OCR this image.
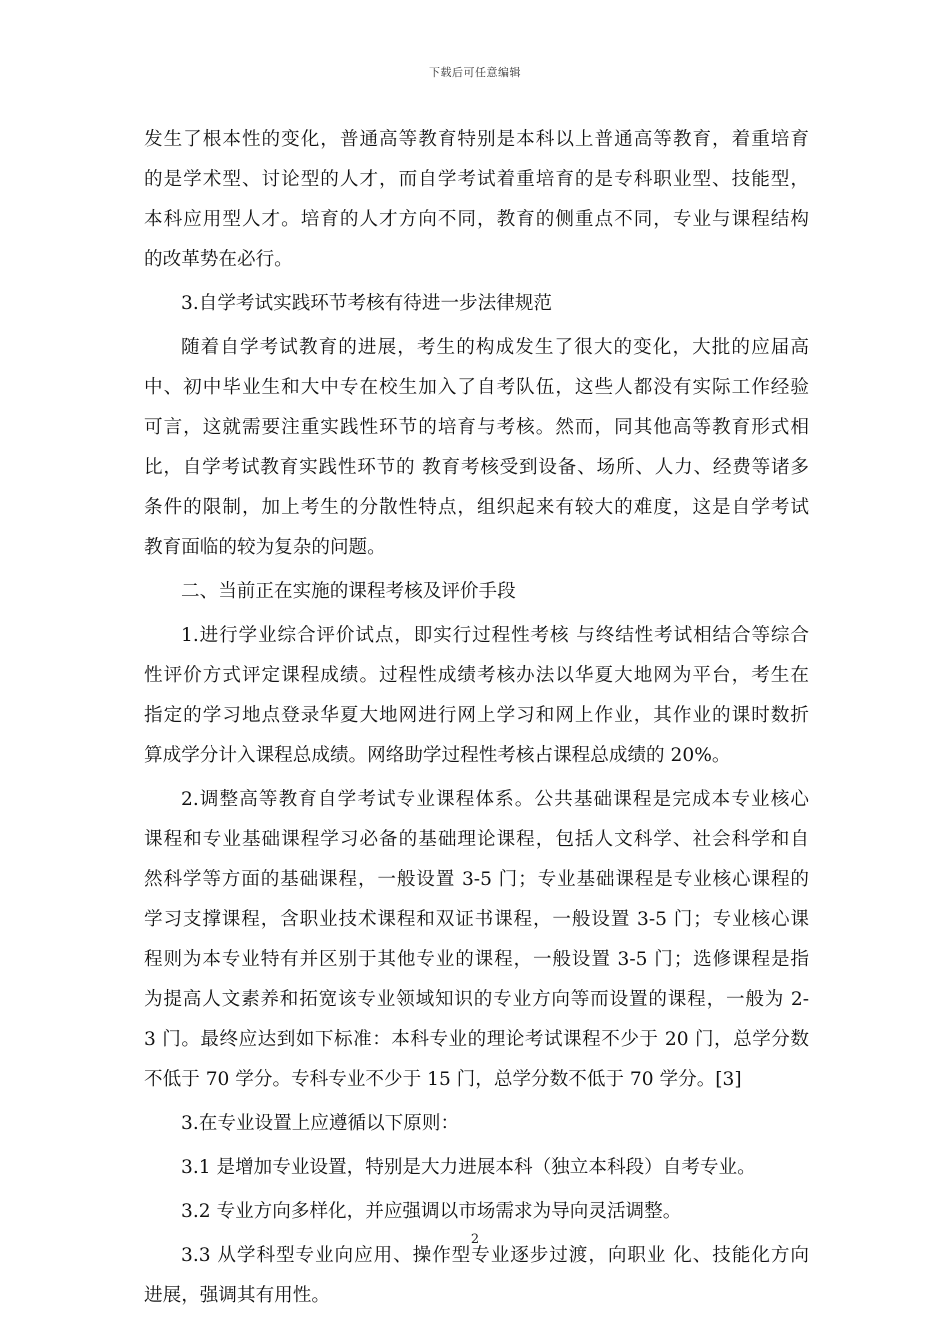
下载后可任意编辑
发生了根本性的变化，普通高等教育特别是本科以上普通高等教育，着重培育
的是学术型、讨论型的人才，而自学考试着重培育的是专科职业型、技能型，
本科应用型人才。培育的人才方向不同，教育的侧重点不同，专业与课程结构
的改革势在必行。
3.自学考试实践环节考核有待进一步法律规范
随着自学考试教育的进展，考生的构成发生了很大的变化，大批的应届高
中、初中毕业生和大中专在校生加入了自考队伍，这些人都没有实际工作经验
可言，这就需要注重实践性环节的培育与考核。然而，同其他高等教育形式相
比，自学考试教育实践性环节的 教育考核受到设备、场所、人力、经费等诸多
条件的限制，加上考生的分散性特点，组织起来有较大的难度，这是自学考试
教育面临的较为复杂的问题。
二、当前正在实施的课程考核及评价手段
1.进行学业综合评价试点，即实行过程性考核 与终结性考试相结合等综合
性评价方式评定课程成绩。过程性成绩考核办法以华夏大地网为平台，考生在
指定的学习地点登录华夏大地网进行网上学习和网上作业，其作业的课时数折
算成学分计入课程总成绩。网络助学过程性考核占课程总成绩的 20%。
2.调整高等教育自学考试专业课程体系。公共基础课程是完成本专业核心
课程和专业基础课程学习必备的基础理论课程，包括人文科学、社会科学和自
然科学等方面的基础课程，一般设置 3-5 门；专业基础课程是专业核心课程的
学习支撑课程，含职业技术课程和双证书课程，一般设置 3-5 门；专业核心课
程则为本专业特有并区别于其他专业的课程，一般设置 3-5 门；选修课程是指
为提高人文素养和拓宽该专业领域知识的专业方向等而设置的课程，一般为 2-
3 门。最终应达到如下标准：本科专业的理论考试课程不少于 20 门，总学分数
不低于 70 学分。专科专业不少于 15 门，总学分数不低于 70 学分。[3]
3.在专业设置上应遵循以下原则：
3.1 是增加专业设置，特别是大力进展本科（独立本科段）自考专业。
3.2 专业方向多样化，并应强调以市场需求为导向灵活调整。
3.3 从学科型专业向应用、操作型专业逐步过渡，向职业 化、技能化方向
进展，强调其有用性。
2
